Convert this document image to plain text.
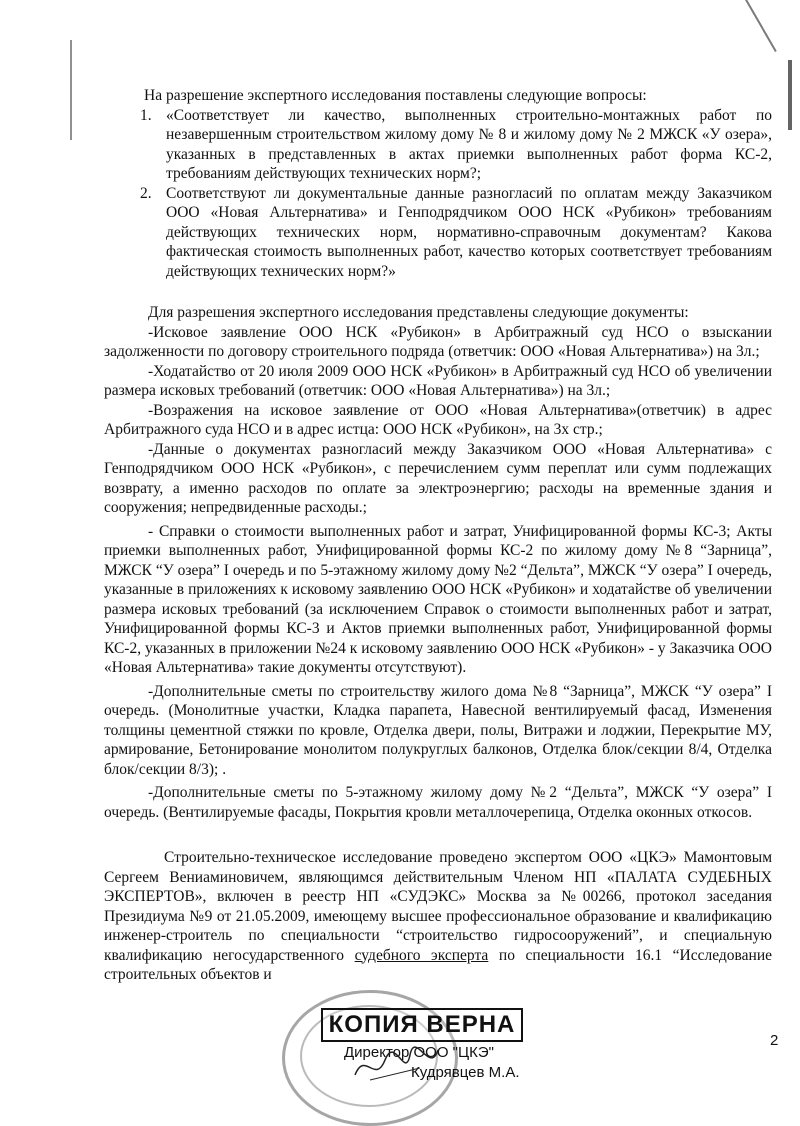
На разрешение экспертного исследования поставлены следующие вопросы:

1. «Соответствует ли качество, выполненных строительно-монтажных работ по незавершенным строительством жилому дому № 8 и жилому дому № 2 МЖСК «У озера», указанных в представленных в актах приемки выполненных работ форма КС-2, требованиям действующих технических норм?;
2. Соответствуют ли документальные данные разногласий по оплатам между Заказчиком ООО «Новая Альтернатива» и Генподрядчиком ООО НСК «Рубикон» требованиям действующих технических норм, нормативно-справочным документам? Какова фактическая стоимость выполненных работ, качество которых соответствует требованиям действующих технических норм?»

Для разрешения экспертного исследования представлены следующие документы:

-Исковое заявление ООО НСК «Рубикон» в Арбитражный суд НСО о взыскании задолженности по договору строительного подряда (ответчик: ООО «Новая Альтернатива») на 3л.;

-Ходатайство от 20 июля 2009 ООО НСК «Рубикон» в Арбитражный суд НСО об увеличении размера исковых требований (ответчик: ООО «Новая Альтернатива») на 3л.;

-Возражения на исковое заявление от ООО «Новая Альтернатива»(ответчик) в адрес Арбитражного суда НСО и в адрес истца: ООО НСК «Рубикон», на 3х стр.;

-Данные о документах разногласий между Заказчиком ООО «Новая Альтернатива» с Генподрядчиком ООО НСК «Рубикон», с перечислением сумм переплат или сумм подлежащих возврату, а именно расходов по оплате за электроэнергию; расходы на временные здания и сооружения; непредвиденные расходы.;

- Справки о стоимости выполненных работ и затрат, Унифицированной формы КС-3; Акты приемки выполненных работ, Унифицированной формы КС-2 по жилому дому №8 “Зарница”, МЖСК “У озера” I очередь и по 5-этажному жилому дому №2 “Дельта”, МЖСК “У озера” I очередь, указанные в приложениях к исковому заявлению ООО НСК «Рубикон» и ходатайстве об увеличении размера исковых требований (за исключением Справок о стоимости выполненных работ и затрат, Унифицированной формы КС-3 и Актов приемки выполненных работ, Унифицированной формы КС-2, указанных в приложении №24 к исковому заявлению ООО НСК «Рубикон» - у Заказчика ООО «Новая Альтернатива» такие документы отсутствуют).

-Дополнительные сметы по строительству жилого дома №8 “Зарница”, МЖСК “У озера” I очередь. (Монолитные участки, Кладка парапета, Навесной вентилируемый фасад, Изменения толщины цементной стяжки по кровле, Отделка двери, полы, Витражи и лоджии, Перекрытие МУ, армирование, Бетонирование монолитом полукруглых балконов, Отделка блок/секции 8/4, Отделка блок/секции 8/3); .

-Дополнительные сметы по 5-этажному жилому дому №2 “Дельта”, МЖСК “У озера” I очередь. (Вентилируемые фасады, Покрытия кровли металлочерепица, Отделка оконных откосов.

Строительно-техническое исследование проведено экспертом ООО «ЦКЭ» Мамонтовым Сергеем Вениаминовичем, являющимся действительным Членом НП «ПАЛАТА СУДЕБНЫХ ЭКСПЕРТОВ», включен в реестр НП «СУДЭКС» Москва за №00266, протокол заседания Президиума №9 от 21.05.2009, имеющему высшее профессиональное образование и квалификацию инженер-строитель по специальности “строительство гидросооружений”, и специальную квалификацию негосударственного судебного эксперта по специальности 16.1 “Исследование строительных объектов и

КОПИЯ ВЕРНА
Директор ООО "ЦКЭ"
Кудрявцев М.А.
2
